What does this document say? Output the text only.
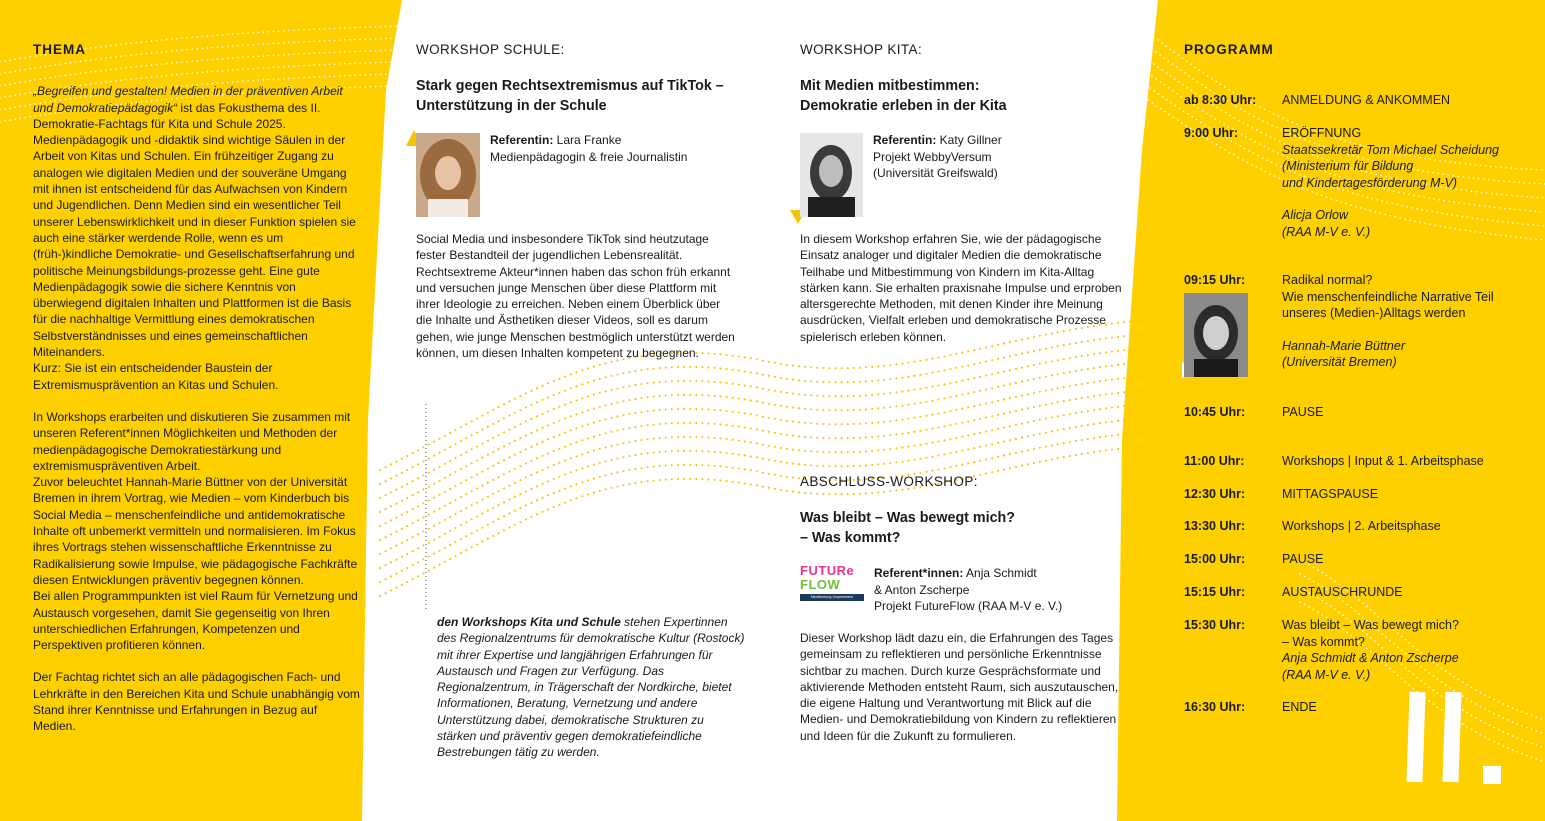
THEMA

„Begreifen und gestalten! Medien in der präventiven Arbeit und Demokratiepädagogik“ ist das Fokusthema des II. Demokratie-Fachtags für Kita und Schule 2025. Medienpädagogik und -didaktik sind wichtige Säulen in der Arbeit von Kitas und Schulen. Ein frühzeitiger Zugang zu analogen wie digitalen Medien und der souveräne Umgang mit ihnen ist entscheidend für das Aufwachsen von Kindern und Jugendlichen. Denn Medien sind ein wesentlicher Teil unserer Lebenswirklichkeit und in dieser Funktion spielen sie auch eine stärker werdende Rolle, wenn es um (früh-)kindliche Demokratie- und Gesellschaftserfahrung und politische Meinungsbildungs-prozesse geht. Eine gute Medienpädagogik sowie die sichere Kenntnis von überwiegend digitalen Inhalten und Plattformen ist die Basis für die nachhaltige Vermittlung eines demokratischen Selbstverständnisses und eines gemeinschaftlichen Miteinanders.

Kurz: Sie ist ein entscheidender Baustein der Extremismusprävention an Kitas und Schulen.

In Workshops erarbeiten und diskutieren Sie zusammen mit unseren Referent*innen Möglichkeiten und Methoden der medienpädagogische Demokratiestärkung und extremismuspräventiven Arbeit.

Zuvor beleuchtet Hannah-Marie Büttner von der Universität Bremen in ihrem Vortrag, wie Medien – vom Kinderbuch bis Social Media – menschenfeindliche und antidemokratische Inhalte oft unbemerkt vermitteln und normalisieren. Im Fokus ihres Vortrags stehen wissenschaftliche Erkenntnisse zu Radikalisierung sowie Impulse, wie pädagogische Fachkräfte diesen Entwicklungen präventiv begegnen können.

Bei allen Programmpunkten ist viel Raum für Vernetzung und Austausch vorgesehen, damit Sie gegenseitig von Ihren unterschiedlichen Erfahrungen, Kompetenzen und Perspektiven profitieren können.

Der Fachtag richtet sich an alle pädagogischen Fach- und Lehrkräfte in den Bereichen Kita und Schule unabhängig vom Stand ihrer Kenntnisse und Erfahrungen in Bezug auf Medien.

WORKSHOP SCHULE:
Stark gegen Rechtsextremismus auf TikTok – Unterstützung in der Schule
Referentin: Lara Franke
Medienpädagogin & freie Journalistin

Social Media und insbesondere TikTok sind heutzutage fester Bestandteil der jugendlichen Lebensrealität. Rechtsextreme Akteur*innen haben das schon früh erkannt und versuchen junge Menschen über diese Plattform mit ihrer Ideologie zu erreichen. Neben einem Überblick über die Inhalte und Ästhetiken dieser Videos, soll es darum gehen, wie junge Menschen bestmöglich unterstützt werden können, um diesen Inhalten kompetent zu begegnen.

den Workshops Kita und Schule stehen Expertinnen des Regionalzentrums für demokratische Kultur (Rostock) mit ihrer Expertise und langjährigen Erfahrungen für Austausch und Fragen zur Verfügung. Das Regionalzentrum, in Trägerschaft der Nordkirche, bietet Informationen, Beratung, Vernetzung und andere Unterstützung dabei, demokratische Strukturen zu stärken und präventiv gegen demokratiefeindliche Bestrebungen tätig zu werden.

WORKSHOP KITA:
Mit Medien mitbestimmen: Demokratie erleben in der Kita
Referentin: Katy Gillner
Projekt WebbyVersum
(Universität Greifswald)

In diesem Workshop erfahren Sie, wie der pädagogische Einsatz analoger und digitaler Medien die demokratische Teilhabe und Mitbestimmung von Kindern im Kita-Alltag stärken kann. Sie erhalten praxisnahe Impulse und erproben altersgerechte Methoden, mit denen Kinder ihre Meinung ausdrücken, Vielfalt erleben und demokratische Prozesse spielerisch erleben können.

ABSCHLUSS-WORKSHOP:
Was bleibt – Was bewegt mich?
– Was kommt?
FUTURe
FLOW
Mecklenburg-Vorpommern
Referent*innen: Anja Schmidt
& Anton Zscherpe
Projekt FutureFlow (RAA M-V e. V.)

Dieser Workshop lädt dazu ein, die Erfahrungen des Tages gemeinsam zu reflektieren und persönliche Erkenntnisse sichtbar zu machen. Durch kurze Gesprächsformate und aktivierende Methoden entsteht Raum, sich auszutauschen, die eigene Haltung und Verantwortung mit Blick auf die Medien- und Demokratiebildung von Kindern zu reflektieren und Ideen für die Zukunft zu formulieren.

PROGRAMM
ab 8:30 Uhr:	ANMELDUNG & ANKOMMEN
9:00 Uhr:	ERÖFFNUNG
Staatssekretär Tom Michael Scheidung
(Ministerium für Bildung
und Kindertagesförderung M-V)
Alicja Orlow
(RAA M-V e. V.)
09:15 Uhr:	Radikal normal?
Wie menschenfeindliche Narrative Teil
unseres (Medien-)Alltags werden
Hannah-Marie Büttner
(Universität Bremen)
10:45 Uhr:	PAUSE
11:00 Uhr:	Workshops | Input & 1. Arbeitsphase
12:30 Uhr:	MITTAGSPAUSE
13:30 Uhr:	Workshops | 2. Arbeitsphase
15:00 Uhr:	PAUSE
15:15 Uhr:	AUSTAUSCHRUNDE
15:30 Uhr:	Was bleibt – Was bewegt mich?
– Was kommt?
Anja Schmidt & Anton Zscherpe
(RAA M-V e. V.)
16:30 Uhr:	ENDE
